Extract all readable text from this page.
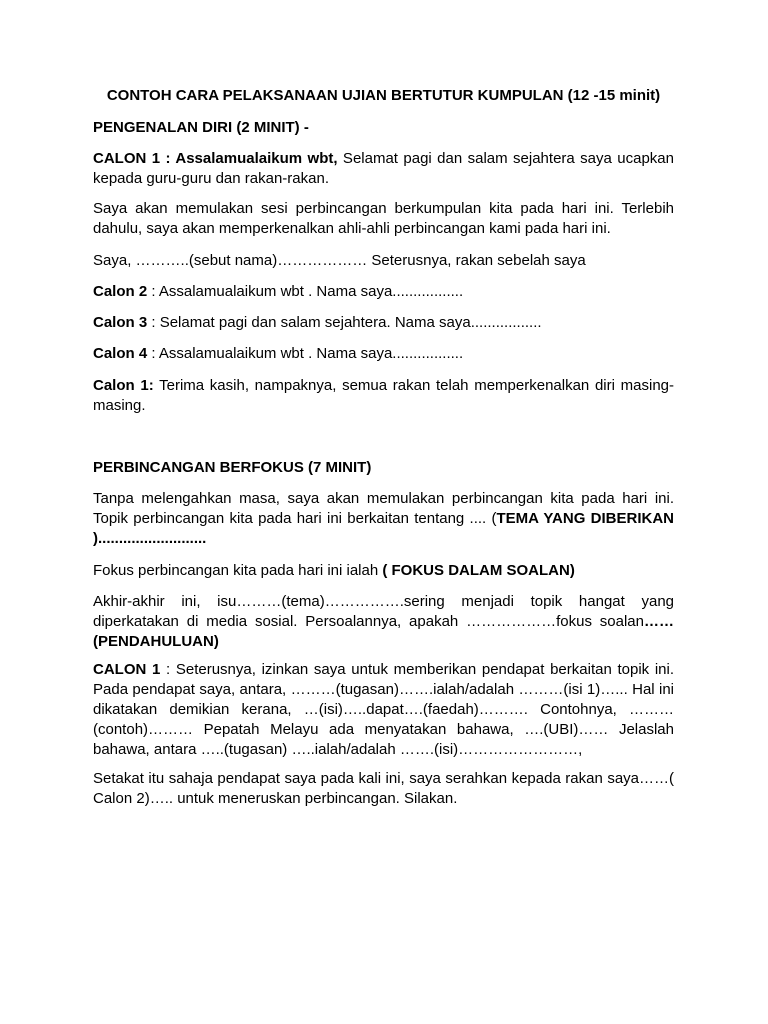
CONTOH CARA PELAKSANAAN UJIAN BERTUTUR KUMPULAN (12 -15 minit)

PENGENALAN DIRI (2 MINIT) -

CALON 1 : Assalamualaikum wbt, Selamat pagi dan salam sejahtera saya ucapkan kepada guru-guru dan rakan-rakan.

Saya akan memulakan sesi perbincangan berkumpulan kita pada hari ini. Terlebih dahulu, saya akan memperkenalkan ahli-ahli perbincangan kami pada hari ini.

Saya, ………..(sebut nama)……………… Seterusnya, rakan sebelah saya

Calon 2 : Assalamualaikum wbt . Nama saya.................

Calon 3 : Selamat pagi dan salam sejahtera. Nama saya.................

Calon 4 : Assalamualaikum wbt . Nama saya.................

Calon 1: Terima kasih, nampaknya, semua rakan telah memperkenalkan diri masing-masing.

PERBINCANGAN BERFOKUS (7 MINIT)

Tanpa melengahkan masa, saya akan memulakan perbincangan kita pada hari ini. Topik perbincangan kita pada hari ini berkaitan tentang .... (TEMA YANG DIBERIKAN )..........................

Fokus perbincangan kita pada hari ini ialah ( FOKUS DALAM SOALAN)

Akhir-akhir ini, isu………(tema)…………….sering menjadi topik hangat yang diperkatakan di media sosial. Persoalannya, apakah ………………fokus soalan……(PENDAHULUAN)

CALON 1 : Seterusnya, izinkan saya untuk memberikan pendapat berkaitan topik ini. Pada pendapat saya, antara, ………(tugasan)…….ialah/adalah ………(isi 1)…... Hal ini dikatakan demikian kerana, …(isi)…..dapat….(faedah)………. Contohnya, ………(contoh)……… Pepatah Melayu ada menyatakan bahawa, ….(UBI)…… Jelaslah bahawa, antara …..(tugasan) …..ialah/adalah …….(isi)……………………,

Setakat itu sahaja pendapat saya pada kali ini, saya serahkan kepada rakan saya……( Calon 2)….. untuk meneruskan perbincangan. Silakan.
